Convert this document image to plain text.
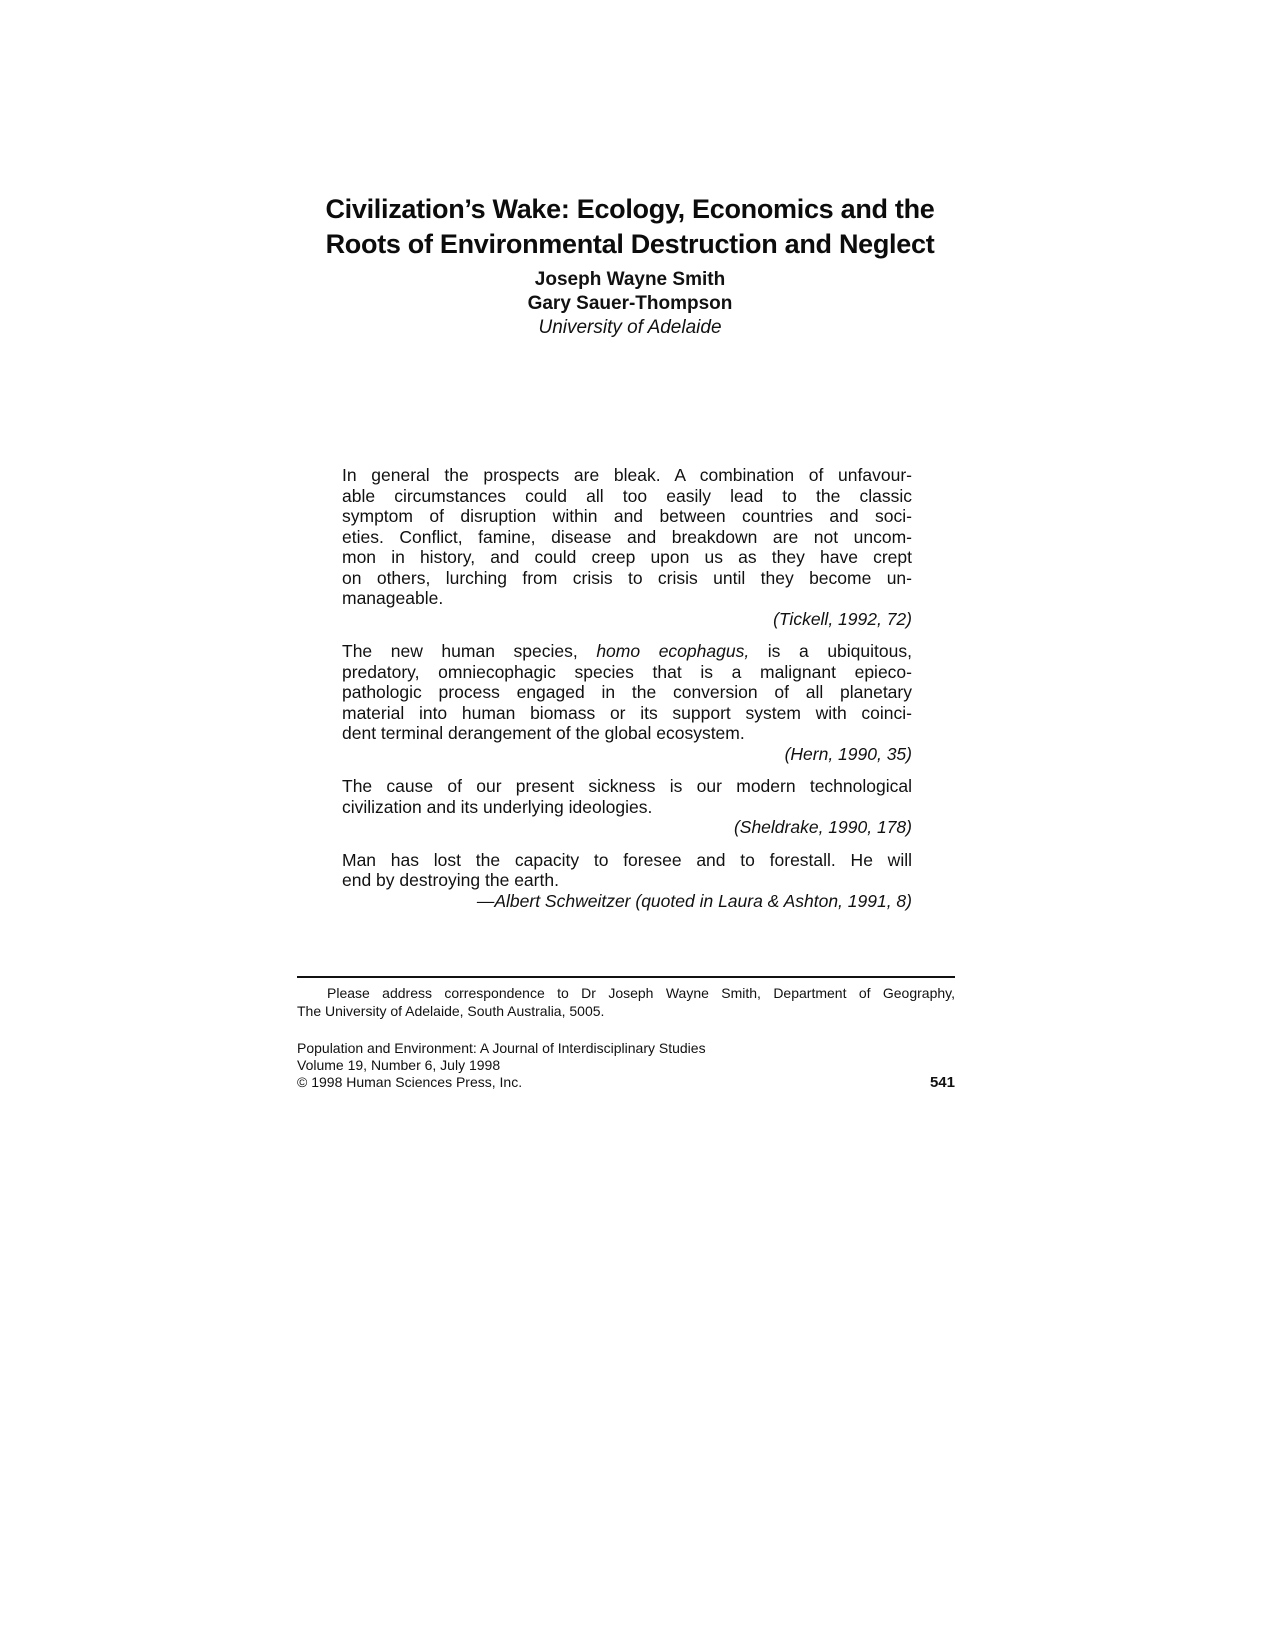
Civilization’s Wake: Ecology, Economics and the
Roots of Environmental Destruction and Neglect
Joseph Wayne Smith
Gary Sauer-Thompson
University of Adelaide
In general the prospects are bleak. A combination of unfavour-
able circumstances could all too easily lead to the classic
symptom of disruption within and between countries and soci-
eties. Conflict, famine, disease and breakdown are not uncom-
mon in history, and could creep upon us as they have crept
on others, lurching from crisis to crisis until they become un-
manageable.
(Tickell, 1992, 72)
The new human species, homo ecophagus, is a ubiquitous,
predatory, omniecophagic species that is a malignant epieco-
pathologic process engaged in the conversion of all planetary
material into human biomass or its support system with coinci-
dent terminal derangement of the global ecosystem.
(Hern, 1990, 35)
The cause of our present sickness is our modern technological
civilization and its underlying ideologies.
(Sheldrake, 1990, 178)
Man has lost the capacity to foresee and to forestall. He will
end by destroying the earth.
—Albert Schweitzer (quoted in Laura & Ashton, 1991, 8)
Please address correspondence to Dr Joseph Wayne Smith, Department of Geography,
The University of Adelaide, South Australia, 5005.
Population and Environment: A Journal of Interdisciplinary Studies
Volume 19, Number 6, July 1998
© 1998 Human Sciences Press, Inc.	541
